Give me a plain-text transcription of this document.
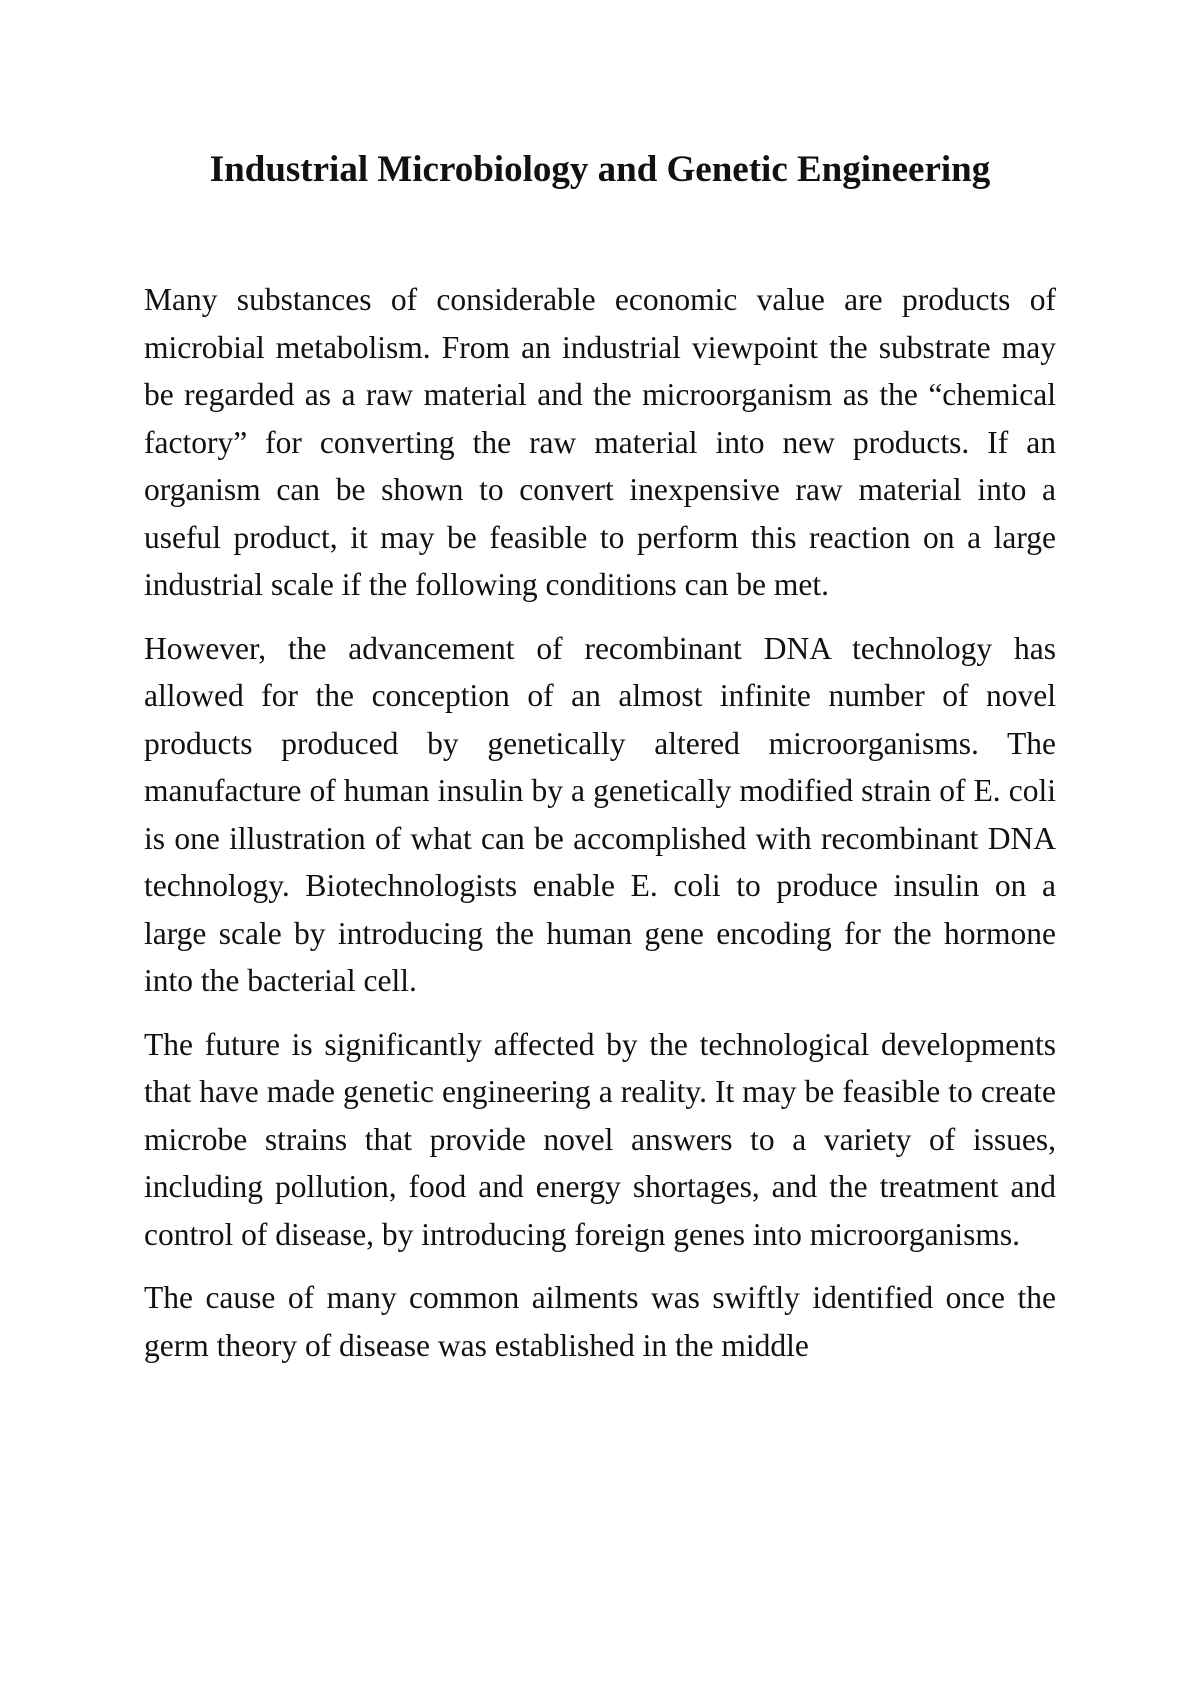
Industrial Microbiology and Genetic Engineering

Many substances of considerable economic value are products of microbial metabolism. From an industrial viewpoint the substrate may be regarded as a raw material and the microorganism as the “chemical factory” for converting the raw material into new products. If an organism can be shown to convert inexpensive raw material into a useful product, it may be feasible to perform this reaction on a large industrial scale if the following conditions can be met.

However, the advancement of recombinant DNA technology has allowed for the conception of an almost infinite number of novel products produced by genetically altered microorganisms. The manufacture of human insulin by a genetically modified strain of E. coli is one illustration of what can be accomplished with recombinant DNA technology. Biotechnologists enable E. coli to produce insulin on a large scale by introducing the human gene encoding for the hormone into the bacterial cell.

The future is significantly affected by the technological developments that have made genetic engineering a reality. It may be feasible to create microbe strains that provide novel answers to a variety of issues, including pollution, food and energy shortages, and the treatment and control of disease, by introducing foreign genes into microorganisms.

The cause of many common ailments was swiftly identified once the germ theory of disease was established in the middle
